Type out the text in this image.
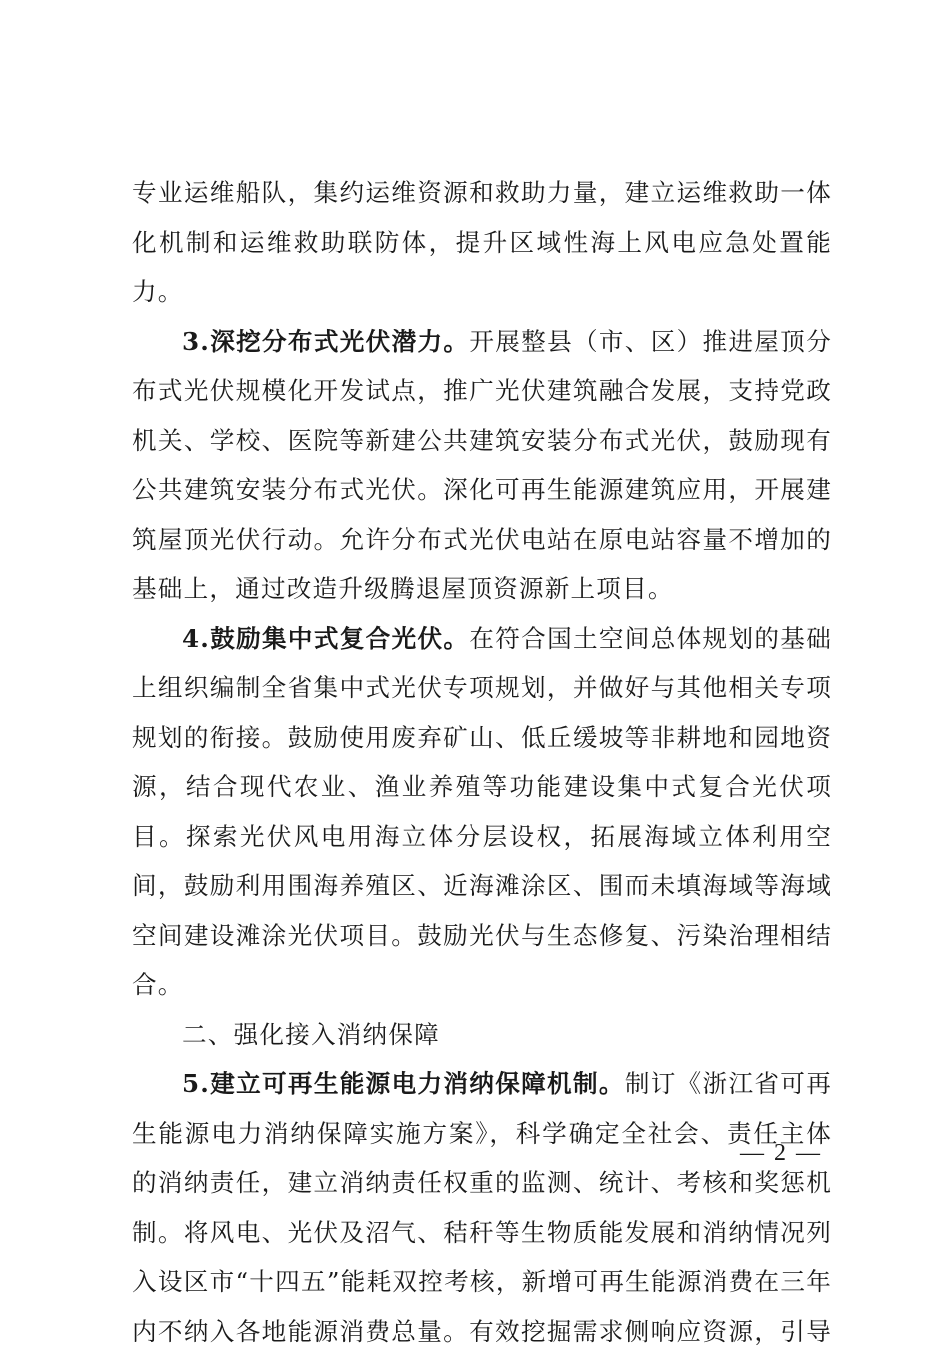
专业运维船队，集约运维资源和救助力量，建立运维救助一体化机制和运维救助联防体，提升区域性海上风电应急处置能力。

3.深挖分布式光伏潜力。开展整县（市、区）推进屋顶分布式光伏规模化开发试点，推广光伏建筑融合发展，支持党政机关、学校、医院等新建公共建筑安装分布式光伏，鼓励现有公共建筑安装分布式光伏。深化可再生能源建筑应用，开展建筑屋顶光伏行动。允许分布式光伏电站在原电站容量不增加的基础上，通过改造升级腾退屋顶资源新上项目。

4.鼓励集中式复合光伏。在符合国土空间总体规划的基础上组织编制全省集中式光伏专项规划，并做好与其他相关专项规划的衔接。鼓励使用废弃矿山、低丘缓坡等非耕地和园地资源，结合现代农业、渔业养殖等功能建设集中式复合光伏项目。探索光伏风电用海立体分层设权，拓展海域立体利用空间，鼓励利用围海养殖区、近海滩涂区、围而未填海域等海域空间建设滩涂光伏项目。鼓励光伏与生态修复、污染治理相结合。

二、强化接入消纳保障

5.建立可再生能源电力消纳保障机制。制订《浙江省可再生能源电力消纳保障实施方案》，科学确定全社会、责任主体的消纳责任，建立消纳责任权重的监测、统计、考核和奖惩机制。将风电、光伏及沼气、秸秆等生物质能发展和消纳情况列入设区市“十四五”能耗双控考核，新增可再生能源消费在三年内不纳入各地能源消费总量。有效挖掘需求侧响应资源，引导

— 2 —
